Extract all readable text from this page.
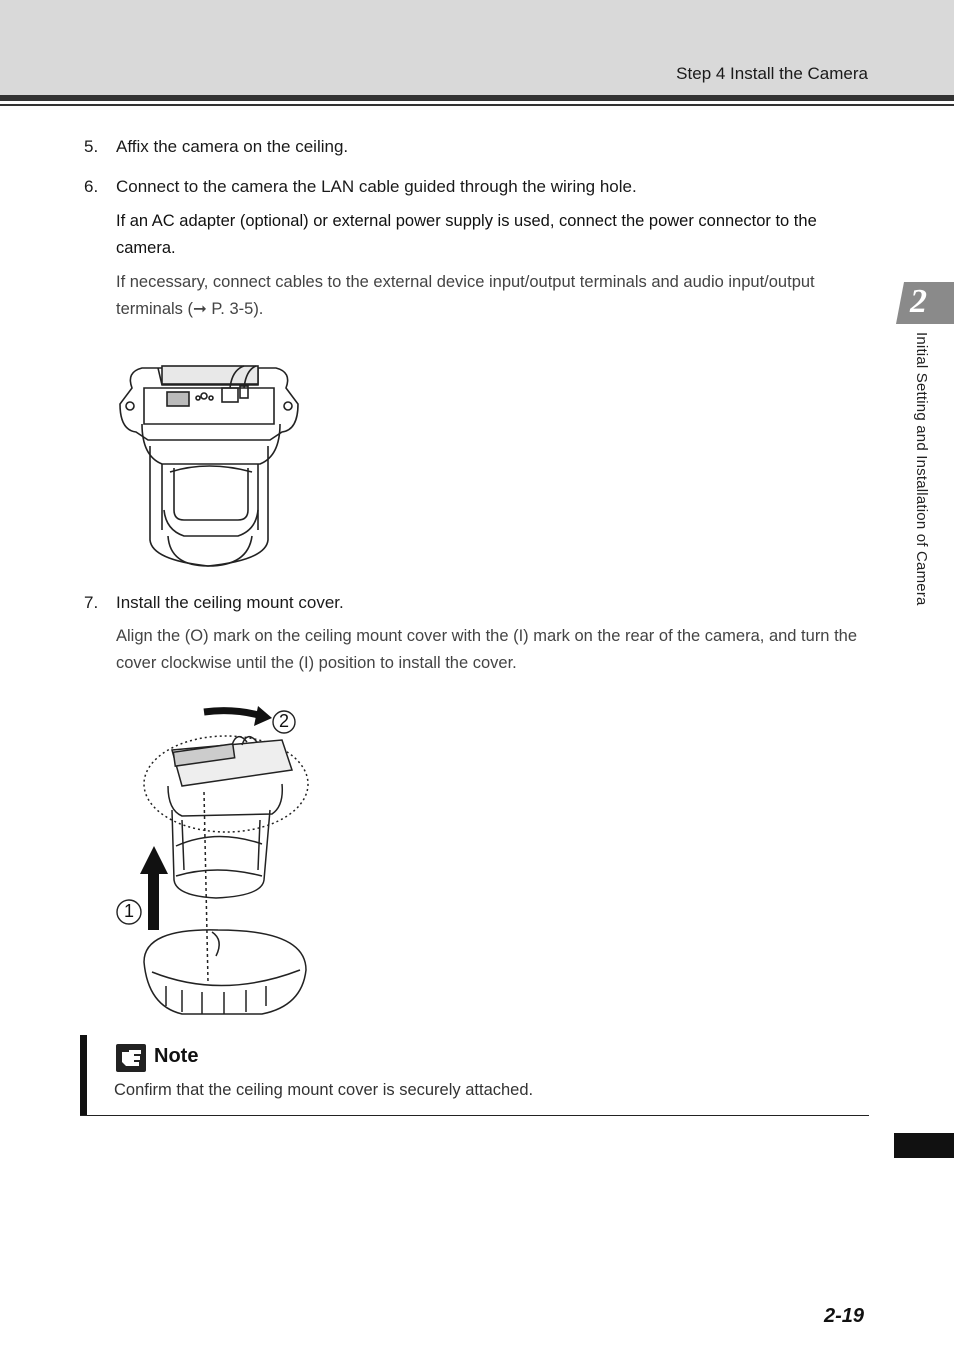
Step 4 Install the Camera
2
Initial Setting and Installation of Camera
5. Affix the camera on the ceiling.
6. Connect to the camera the LAN cable guided through the wiring hole.
If an AC adapter (optional) or external power supply is used, connect the power connector to the camera.
If necessary, connect cables to the external device input/output terminals and audio input/output terminals (➞ P. 3-5).
7. Install the ceiling mount cover.
Align the (O) mark on the ceiling mount cover with the (I) mark on the rear of the camera, and turn the cover clockwise until the (I) position to install the cover.
2
1
Note
Confirm that the ceiling mount cover is securely attached.
2-19
